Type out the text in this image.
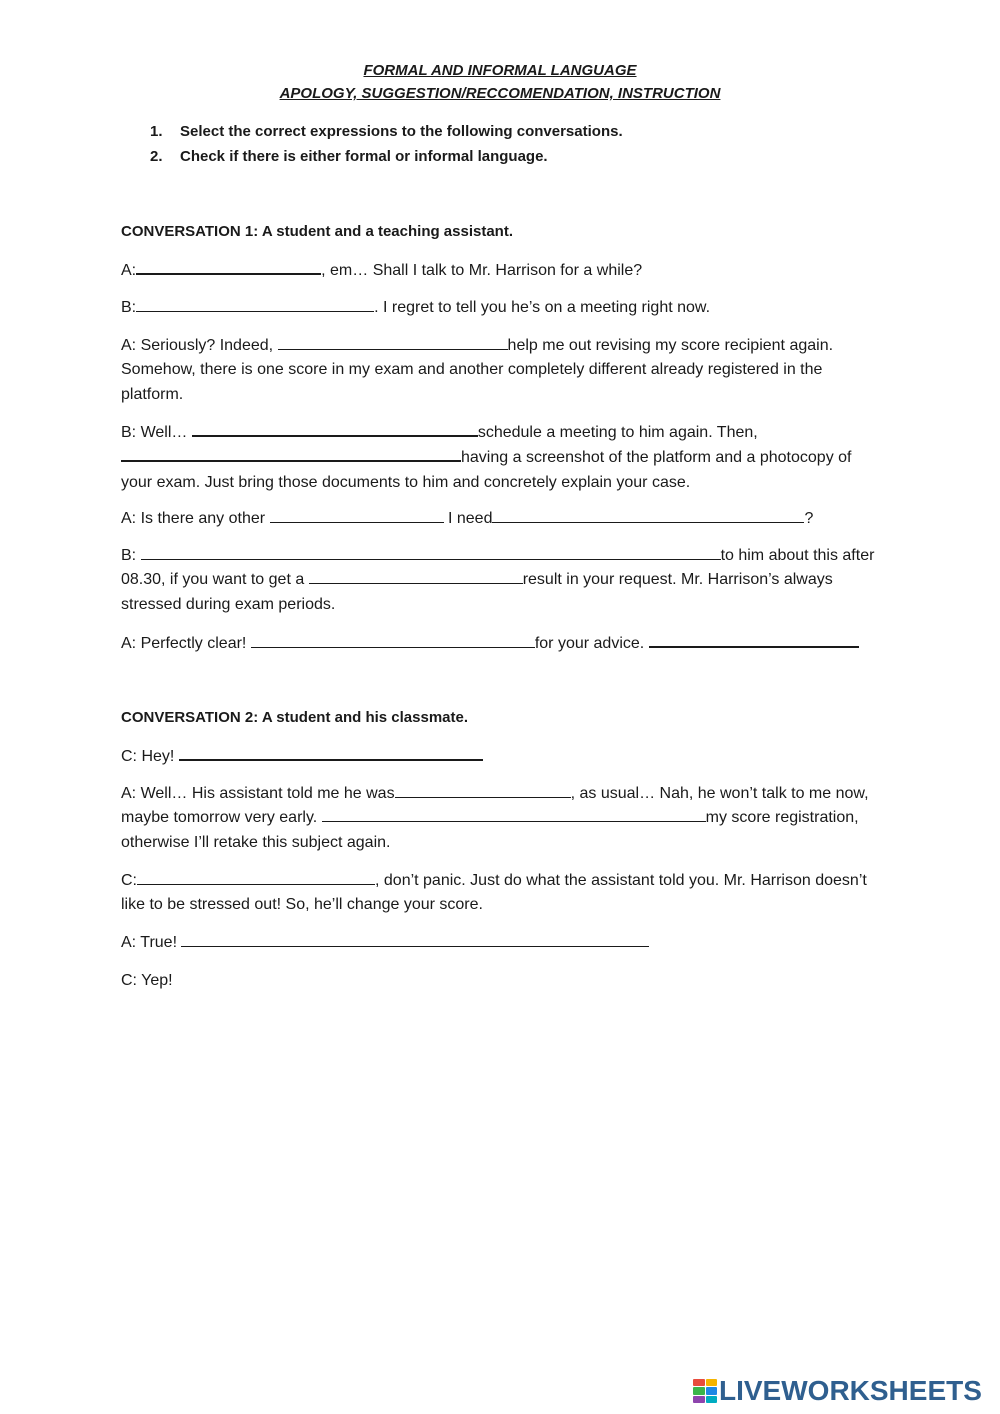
FORMAL AND INFORMAL LANGUAGE
APOLOGY, SUGGESTION/RECCOMENDATION, INSTRUCTION
1. Select the correct expressions to the following conversations.
2. Check if there is either formal or informal language.
CONVERSATION 1: A student and a teaching assistant.
A:	, em… Shall I talk to Mr. Harrison for a while?
B:	. I regret to tell you he’s on a meeting right now.
A: Seriously? Indeed,	help me out revising my score recipient again. Somehow, there is one score in my exam and another completely different already registered in the platform.
B: Well…	schedule a meeting to him again. Then, having a screenshot of the platform and a photocopy of your exam. Just bring those documents to him and concretely explain your case.
A: Is there any other	I need	?
B:	to him about this after 08.30, if you want to get a	result in your request. Mr. Harrison’s always stressed during exam periods.
A: Perfectly clear!	for your advice.
CONVERSATION 2: A student and his classmate.
C: Hey!
A: Well… His assistant told me he was	, as usual… Nah, he won’t talk to me now, maybe tomorrow very early.	my score registration, otherwise I’ll retake this subject again.
C:	, don’t panic. Just do what the assistant told you. Mr. Harrison doesn’t like to be stressed out! So, he’ll change your score.
A: True!
C: Yep!
LIVEWORKSHEETS
